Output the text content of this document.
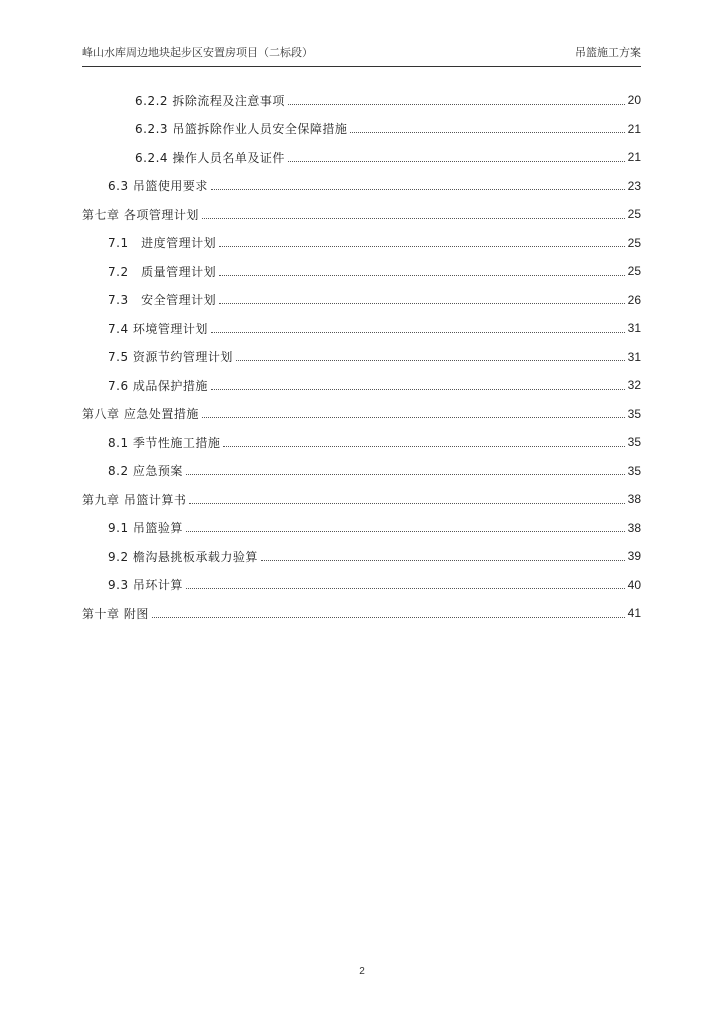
峰山水库周边地块起步区安置房项目（二标段）	吊篮施工方案
6.2.2 拆除流程及注意事项	20
6.2.3 吊篮拆除作业人员安全保障措施	21
6.2.4 操作人员名单及证件	21
6.3 吊篮使用要求	23
第七章 各项管理计划	25
7.1　进度管理计划	25
7.2　质量管理计划	25
7.3　安全管理计划	26
7.4 环境管理计划	31
7.5 资源节约管理计划	31
7.6 成品保护措施	32
第八章 应急处置措施	35
8.1 季节性施工措施	35
8.2 应急预案	35
第九章 吊篮计算书	38
9.1 吊篮验算	38
9.2 檐沟悬挑板承载力验算	39
9.3 吊环计算	40
第十章 附图	41
2
